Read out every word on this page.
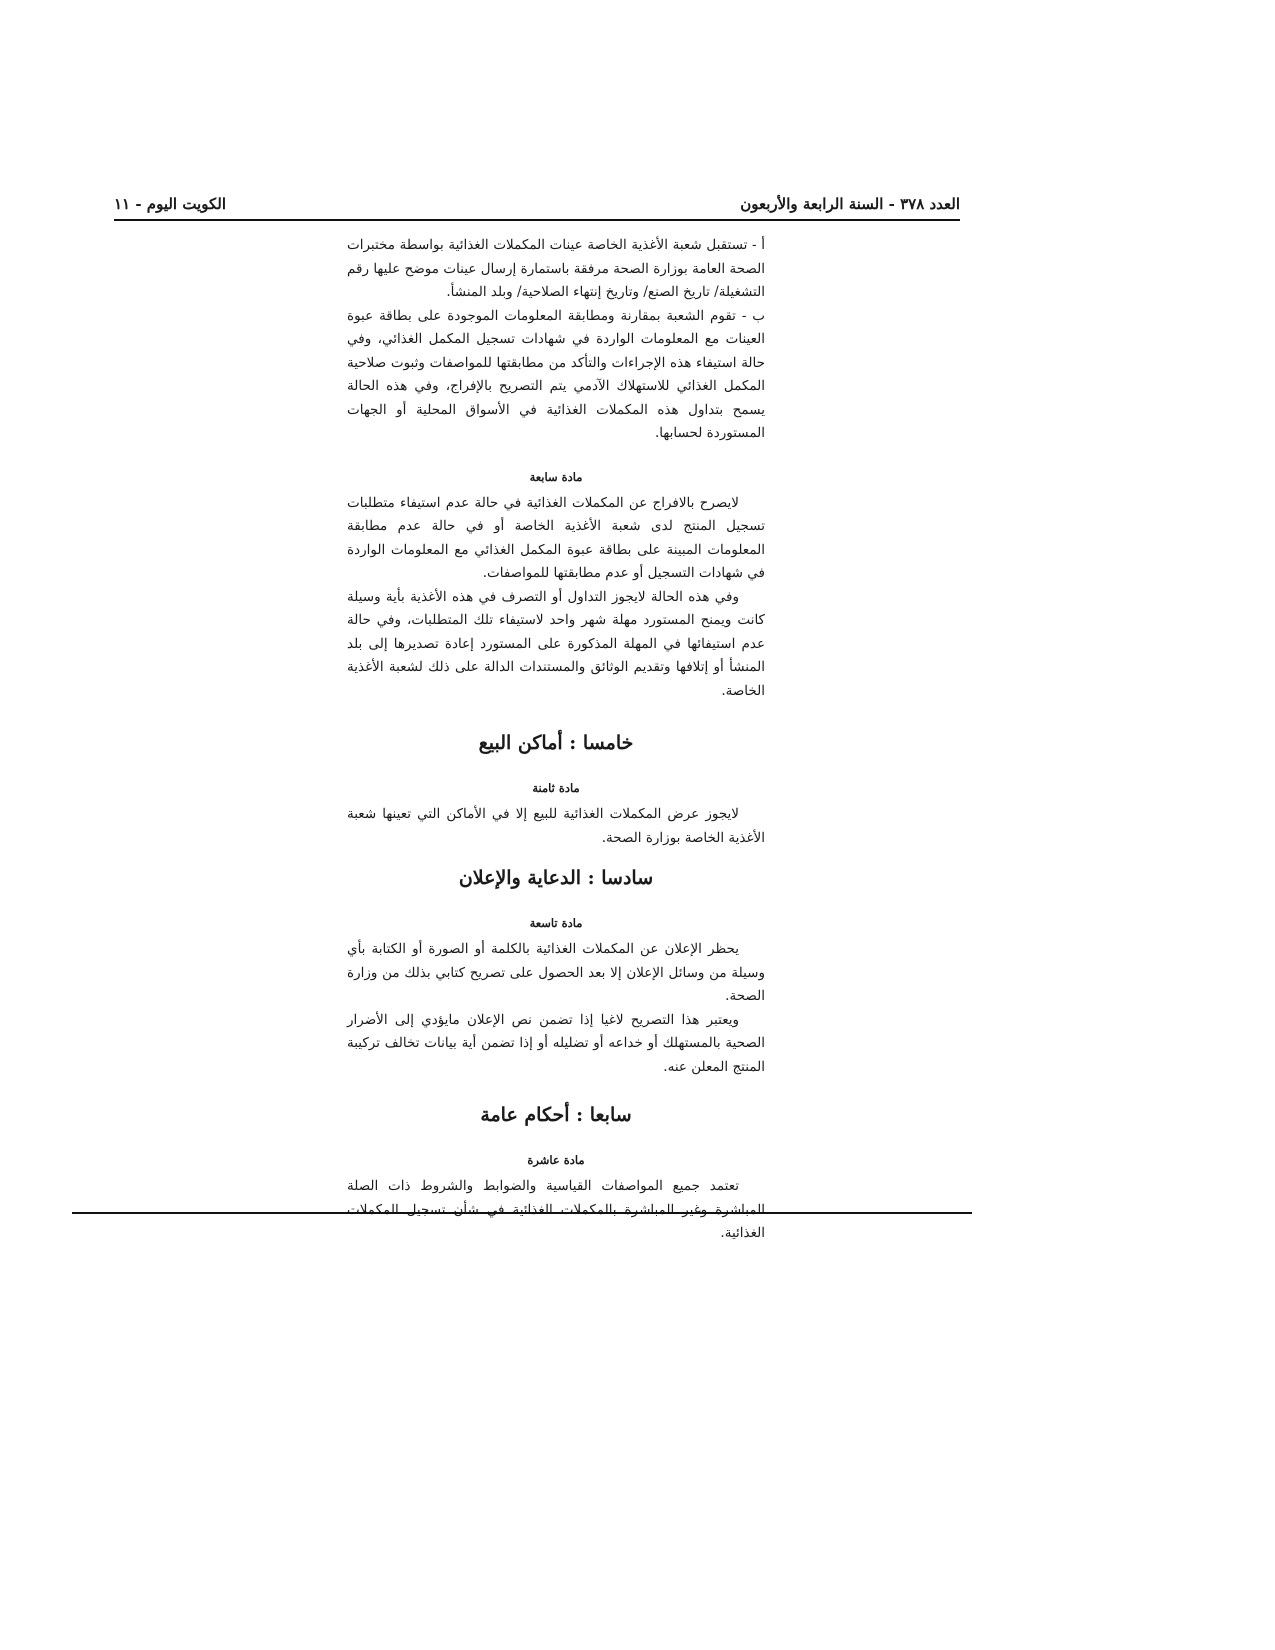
العدد ٣٧٨ - السنة الرابعة والأربعون
الكويت اليوم - ١١

أ - تستقبل شعبة الأغذية الخاصة عينات المكملات الغذائية بواسطة مختبرات الصحة العامة بوزارة الصحة مرفقة باستمارة إرسال عينات موضح عليها رقم التشغيلة/ تاريخ الصنع/ وتاريخ إنتهاء الصلاحية/ وبلد المنشأ.

ب - تقوم الشعبة بمقارنة ومطابقة المعلومات الموجودة على بطاقة عبوة العينات مع المعلومات الواردة في شهادات تسجيل المكمل الغذائي، وفي حالة استيفاء هذه الإجراءات والتأكد من مطابقتها للمواصفات وثبوت صلاحية المكمل الغذائي للاستهلاك الآدمي يتم التصريح بالإفراج، وفي هذه الحالة يسمح بتداول هذه المكملات الغذائية في الأسواق المحلية أو الجهات المستوردة لحسابها.

مادة سابعة

لايصرح بالافراج عن المكملات الغذائية في حالة عدم استيفاء متطلبات تسجيل المنتج لدى شعبة الأغذية الخاصة أو في حالة عدم مطابقة المعلومات المبينة على بطاقة عبوة المكمل الغذائي مع المعلومات الواردة في شهادات التسجيل أو عدم مطابقتها للمواصفات.

وفي هذه الحالة لايجوز التداول أو التصرف في هذه الأغذية بأية وسيلة كانت ويمنح المستورد مهلة شهر واحد لاستيفاء تلك المتطلبات، وفي حالة عدم استيفائها في المهلة المذكورة على المستورد إعادة تصديرها إلى بلد المنشأ أو إتلافها وتقديم الوثائق والمستندات الدالة على ذلك لشعبة الأغذية الخاصة.

خامسا : أماكن البيع

مادة ثامنة

لايجوز عرض المكملات الغذائية للبيع إلا في الأماكن التي تعينها شعبة الأغذية الخاصة بوزارة الصحة.

سادسا : الدعاية والإعلان

مادة تاسعة

يحظر الإعلان عن المكملات الغذائية بالكلمة أو الصورة أو الكتابة بأي وسيلة من وسائل الإعلان إلا بعد الحصول على تصريح كتابي بذلك من وزارة الصحة.

ويعتبر هذا التصريح لاغيا إذا تضمن نص الإعلان مايؤدي إلى الأضرار الصحية بالمستهلك أو خداعه أو تضليله أو إذا تضمن أية بيانات تخالف تركيبة المنتج المعلن عنه.

سابعا : أحكام عامة

مادة عاشرة

تعتمد جميع المواصفات القياسية والضوابط والشروط ذات الصلة المباشرة وغير المباشرة بالمكملات الغذائية في شأن تسجيل المكملات الغذائية.
